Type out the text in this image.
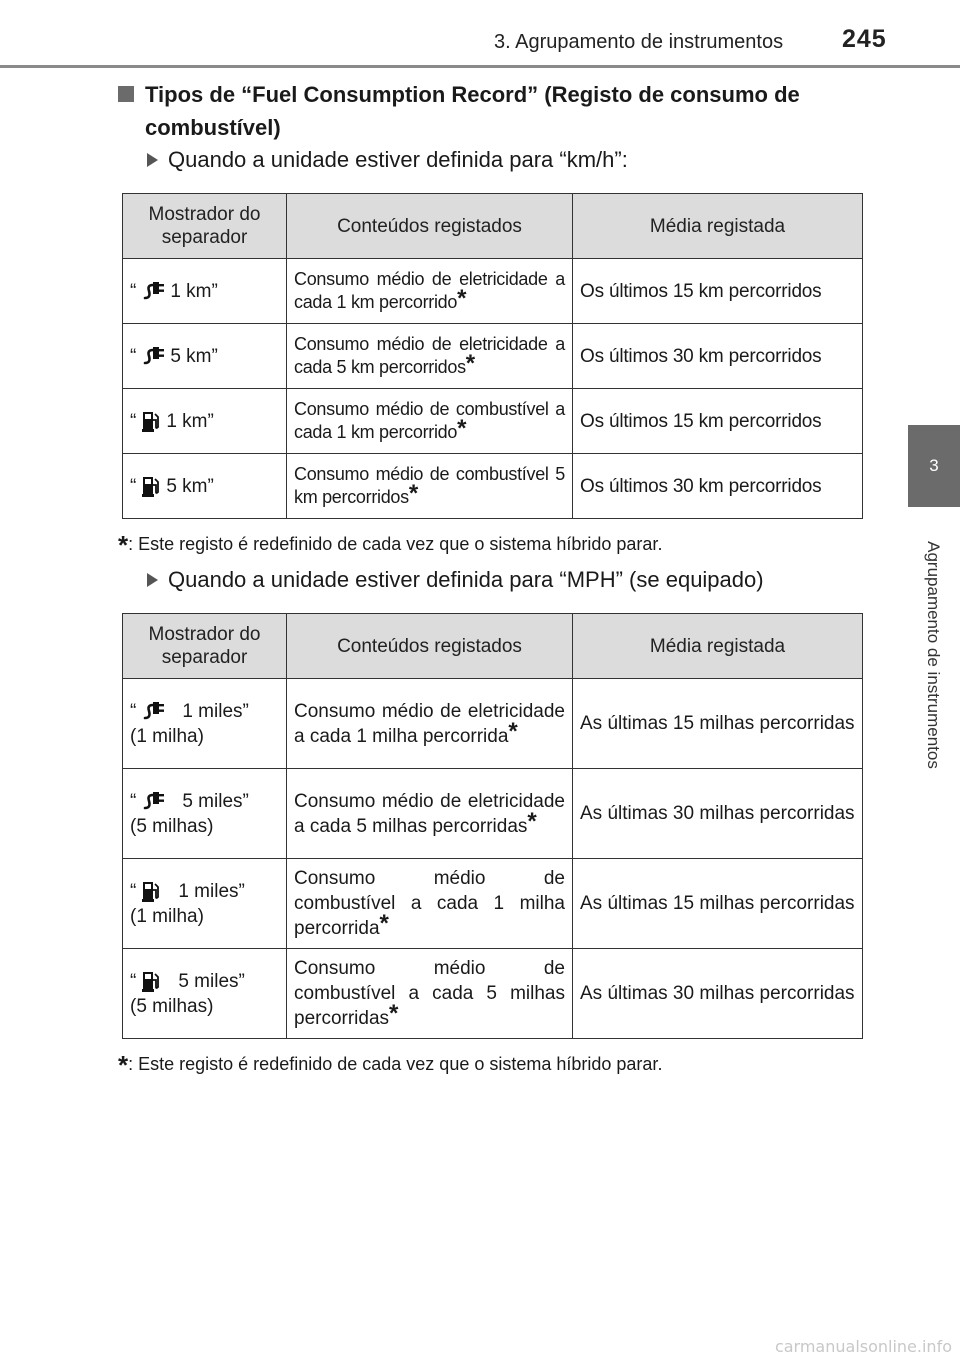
3. Agrupamento de instrumentos 245
3
Agrupamento de instrumentos
Tipos de “Fuel Consumption Record” (Registo de consumo de combustível)
Quando a unidade estiver definida para “km/h”:
Mostrador do separador	Conteúdos registados	Média registada
“ 1 km”	Consumo médio de eletricidade a cada 1 km percorrido*	Os últimos 15 km percorridos
“ 5 km”	Consumo médio de eletricidade a cada 5 km percorridos*	Os últimos 30 km percorridos
“ 1 km”	Consumo médio de combustível a cada 1 km percorrido*	Os últimos 15 km percorridos
“ 5 km”	Consumo médio de combustível 5 km percorridos*	Os últimos 30 km percorridos
*: Este registo é redefinido de cada vez que o sistema híbrido parar.
Quando a unidade estiver definida para “MPH” (se equipado)
Mostrador do separador	Conteúdos registados	Média registada
“ 1 miles”
(1 milha)	Consumo médio de eletricidade a cada 1 milha percorrida*	As últimas 15 milhas percorridas
“ 5 miles”
(5 milhas)	Consumo médio de eletricidade a cada 5 milhas percorridas*	As últimas 30 milhas percorridas
“ 1 miles”
(1 milha)	Consumo médio de combustível a cada 1 milha percorrida*	As últimas 15 milhas percorridas
“ 5 miles”
(5 milhas)	Consumo médio de combustível a cada 5 milhas percorridas*	As últimas 30 milhas percorridas
*: Este registo é redefinido de cada vez que o sistema híbrido parar.
carmanualsonline.info
